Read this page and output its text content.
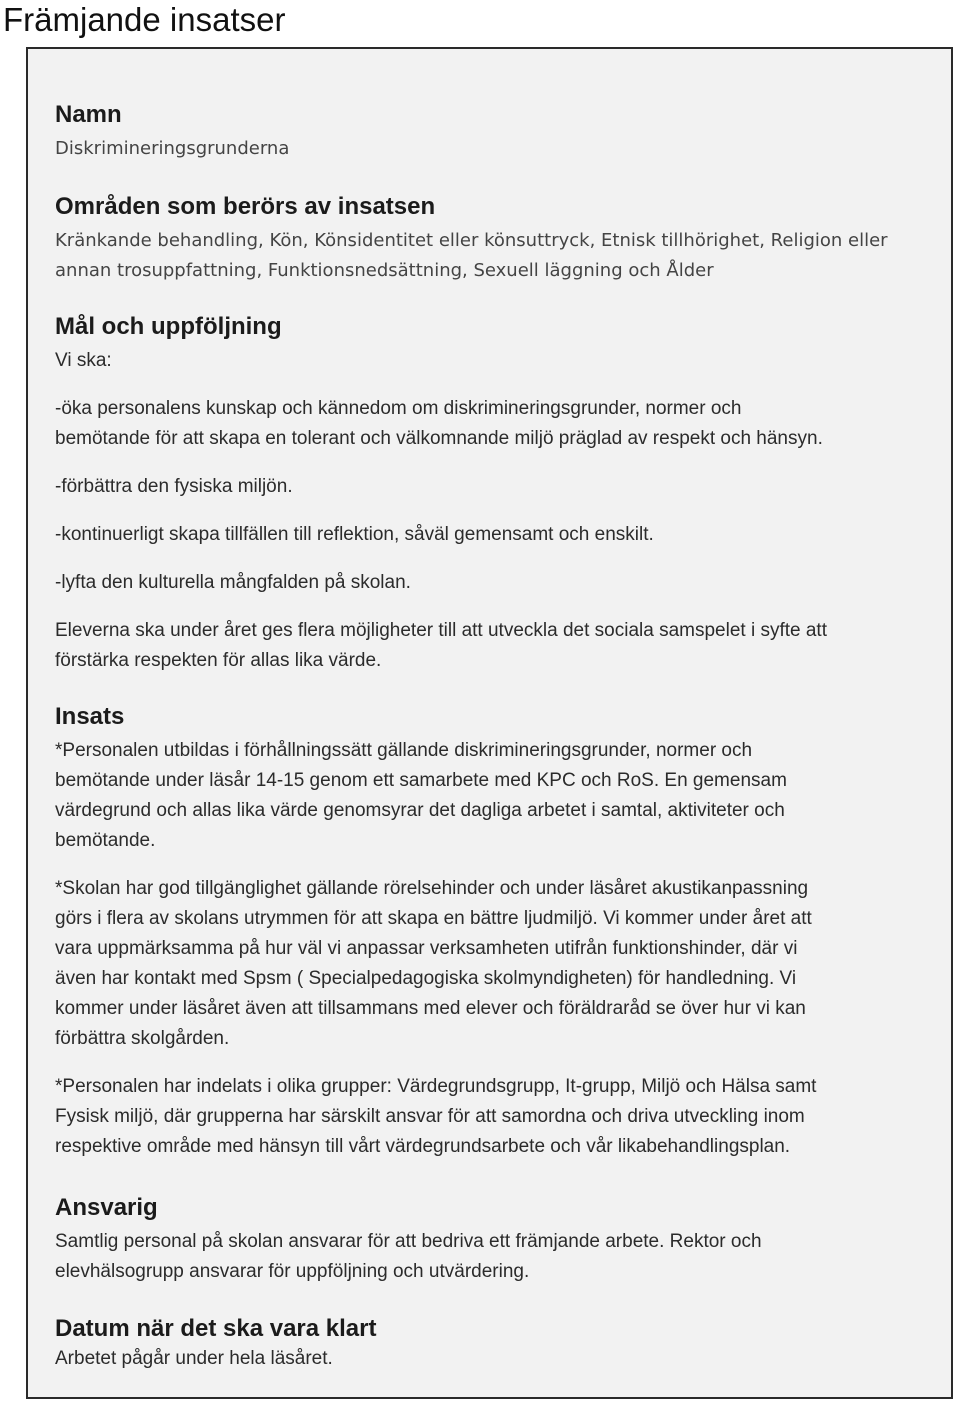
Främjande insatser
Namn
Diskrimineringsgrunderna
Områden som berörs av insatsen
Kränkande behandling, Kön, Könsidentitet eller könsuttryck, Etnisk tillhörighet, Religion eller
annan trosuppfattning, Funktionsnedsättning, Sexuell läggning och Ålder
Mål och uppföljning
Vi ska:
-öka personalens kunskap och kännedom om diskrimineringsgrunder, normer och
bemötande för att skapa en tolerant och välkomnande miljö präglad av respekt och hänsyn.
-förbättra den fysiska miljön.
-kontinuerligt skapa tillfällen till reflektion, såväl gemensamt och enskilt.
-lyfta den kulturella mångfalden på skolan.
Eleverna ska under året ges flera möjligheter till att utveckla det sociala samspelet i syfte att
förstärka respekten för allas lika värde.
Insats
*Personalen utbildas i förhållningssätt gällande diskrimineringsgrunder, normer och
bemötande under läsår 14-15 genom ett samarbete med KPC och RoS. En gemensam
värdegrund och allas lika värde genomsyrar det dagliga arbetet i samtal, aktiviteter och
bemötande.
*Skolan har god tillgänglighet gällande rörelsehinder och under läsåret akustikanpassning
görs i flera av skolans utrymmen för att skapa en bättre ljudmiljö. Vi kommer under året att
vara uppmärksamma på hur väl vi anpassar verksamheten utifrån funktionshinder, där vi
även har kontakt med Spsm ( Specialpedagogiska skolmyndigheten) för handledning. Vi
kommer under läsåret även att tillsammans med elever och föräldraråd se över hur vi kan
förbättra skolgården.
*Personalen har indelats i olika grupper: Värdegrundsgrupp, It-grupp, Miljö och Hälsa samt
Fysisk miljö, där grupperna har särskilt ansvar för att samordna och driva utveckling inom
respektive område med hänsyn till vårt värdegrundsarbete och vår likabehandlingsplan.
Ansvarig
Samtlig personal på skolan ansvarar för att bedriva ett främjande arbete. Rektor och
elevhälsogrupp ansvarar för uppföljning och utvärdering.
Datum när det ska vara klart
Arbetet pågår under hela läsåret.
